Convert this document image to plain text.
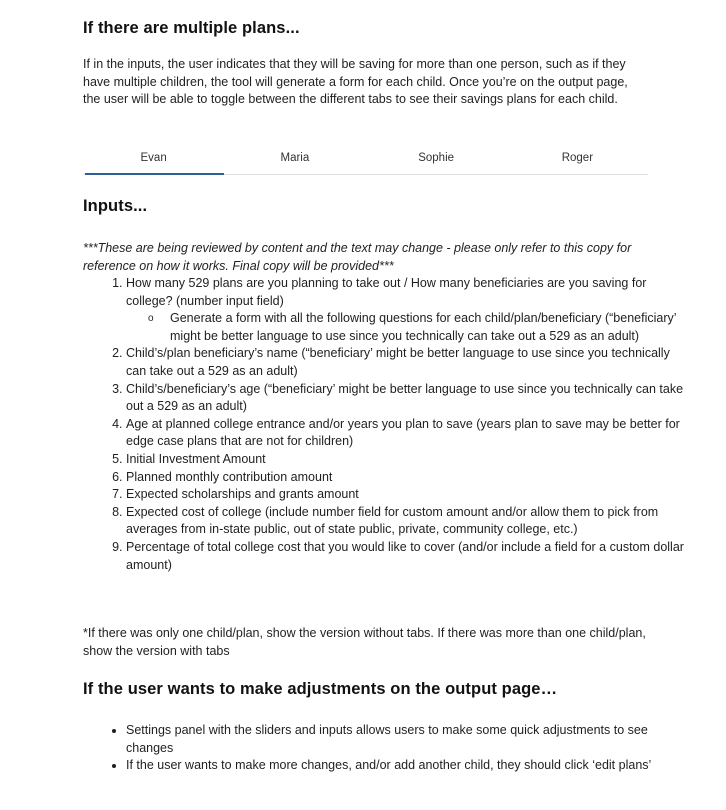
If there are multiple plans...

If in the inputs, the user indicates that they will be saving for more than one person, such as if they have multiple children, the tool will generate a form for each child. Once you’re on the output page, the user will be able to toggle between the different tabs to see their savings plans for each child.

Evan	Maria	Sophie	Roger
Inputs...

***These are being reviewed by content and the text may change - please only refer to this copy for reference on how it works. Final copy will be provided***

1. How many 529 plans are you planning to take out / How many beneficiaries are you saving for college? (number input field)
o Generate a form with all the following questions for each child/plan/beneficiary (“beneficiary’ might be better language to use since you technically can take out a 529 as an adult)
2. Child’s/plan beneficiary’s name (“beneficiary’ might be better language to use since you technically can take out a 529 as an adult)
3. Child’s/beneficiary’s age (“beneficiary’ might be better language to use since you technically can take out a 529 as an adult)
4. Age at planned college entrance and/or years you plan to save (years plan to save may be better for edge case plans that are not for children)
5. Initial Investment Amount
6. Planned monthly contribution amount
7. Expected scholarships and grants amount
8. Expected cost of college (include number field for custom amount and/or allow them to pick from averages from in-state public, out of state public, private, community college, etc.)
9. Percentage of total college cost that you would like to cover (and/or include a field for a custom dollar amount)

*If there was only one child/plan, show the version without tabs. If there was more than one child/plan, show the version with tabs

If the user wants to make adjustments on the output page…
• Settings panel with the sliders and inputs allows users to make some quick adjustments to see changes
• If the user wants to make more changes, and/or add another child, they should click ‘edit plans’
